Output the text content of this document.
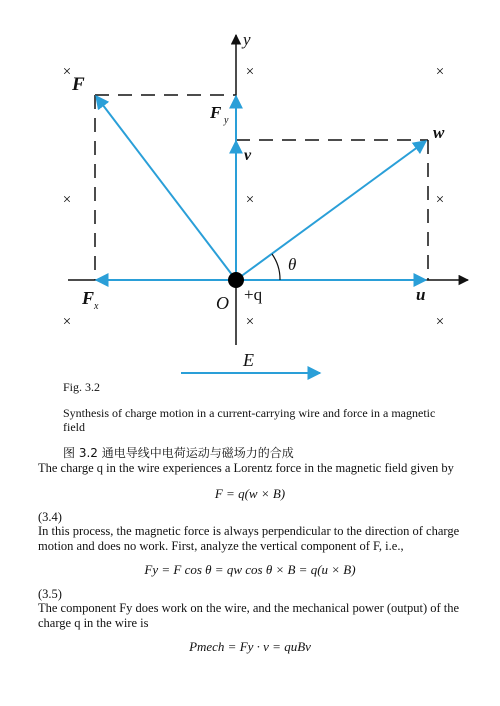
×	×	×
×	×	×
×	×	×
y
F
F y
v
w
θ
F x	O +q	u
E
Fig. 3.2
Synthesis of charge motion in a current-carrying wire and force in a magnetic field
图 3.2 通电导线中电荷运动与磁场力的合成
The charge q in the wire experiences a Lorentz force in the magnetic field given by
F = q(w × B)
(3.4)
In this process, the magnetic force is always perpendicular to the direction of charge motion and does no work. First, analyze the vertical component of F, i.e.,
Fy = F cos θ = qw cos θ × B = q(u × B)
(3.5)
The component Fy does work on the wire, and the mechanical power (output) of the charge q in the wire is
Pmech = Fy · v = quBv
